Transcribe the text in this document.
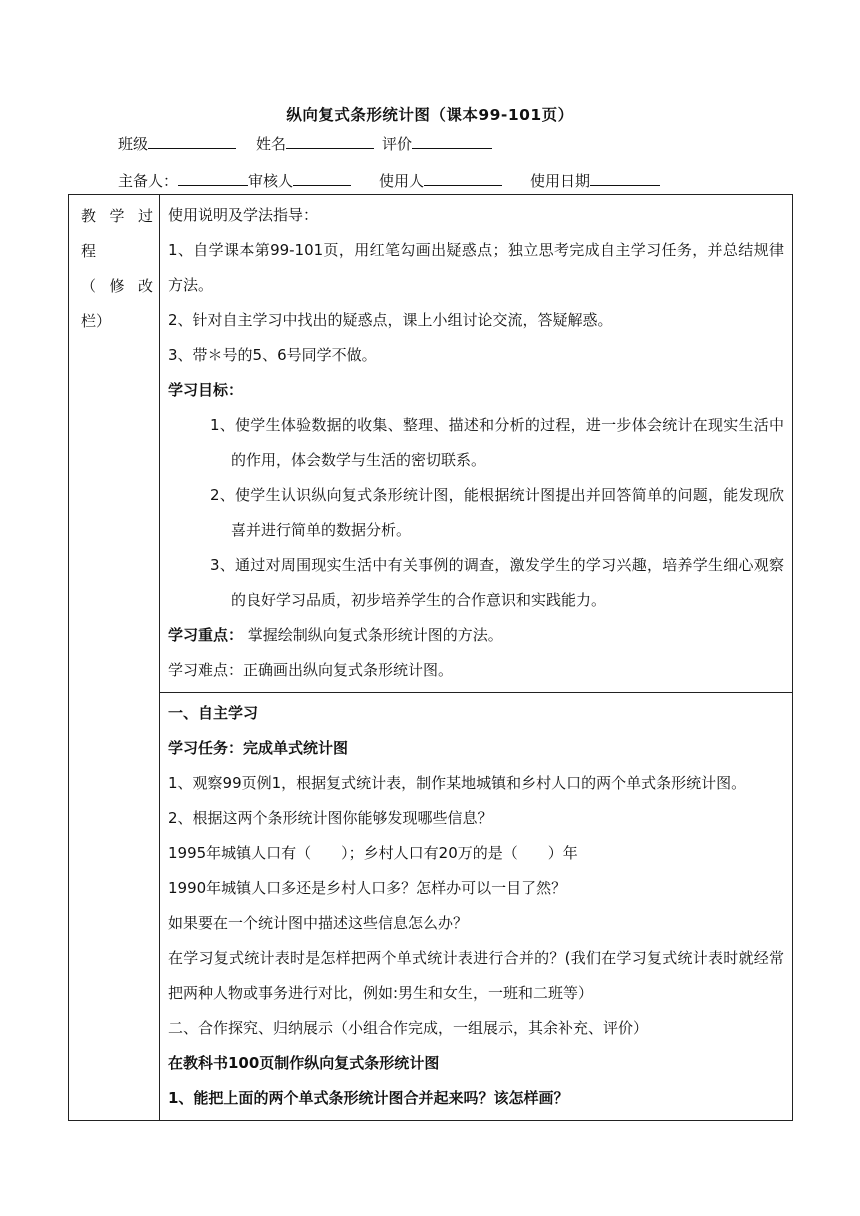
纵向复式条形统计图（课本99-101页）
班级	姓名	评价
主备人：	审核人	使用人	使用日期
教学过
程
（修改
栏）

使用说明及学法指导：

1、自学课本第99-101页，用红笔勾画出疑惑点；独立思考完成自主学习任务，并总结规律方法。

2、针对自主学习中找出的疑惑点，课上小组讨论交流，答疑解惑。

3、带＊号的5、6号同学不做。

学习目标：

1、使学生体验数据的收集、整理、描述和分析的过程，进一步体会统计在现实生活中的作用，体会数学与生活的密切联系。

2、使学生认识纵向复式条形统计图，能根据统计图提出并回答简单的问题，能发现欣喜并进行简单的数据分析。

3、通过对周围现实生活中有关事例的调查，激发学生的学习兴趣，培养学生细心观察的良好学习品质，初步培养学生的合作意识和实践能力。

学习重点： 掌握绘制纵向复式条形统计图的方法。

学习难点：正确画出纵向复式条形统计图。

一、自主学习

学习任务：完成单式统计图

1、观察99页例1，根据复式统计表，制作某地城镇和乡村人口的两个单式条形统计图。

2、根据这两个条形统计图你能够发现哪些信息？

1995年城镇人口有（　　）；乡村人口有20万的是（　　）年

1990年城镇人口多还是乡村人口多？怎样办可以一目了然？

如果要在一个统计图中描述这些信息怎么办？

在学习复式统计表时是怎样把两个单式统计表进行合并的？(我们在学习复式统计表时就经常把两种人物或事务进行对比，例如:男生和女生，一班和二班等）

二、合作探究、归纳展示（小组合作完成，一组展示，其余补充、评价）

在教科书100页制作纵向复式条形统计图

1、能把上面的两个单式条形统计图合并起来吗？该怎样画？
